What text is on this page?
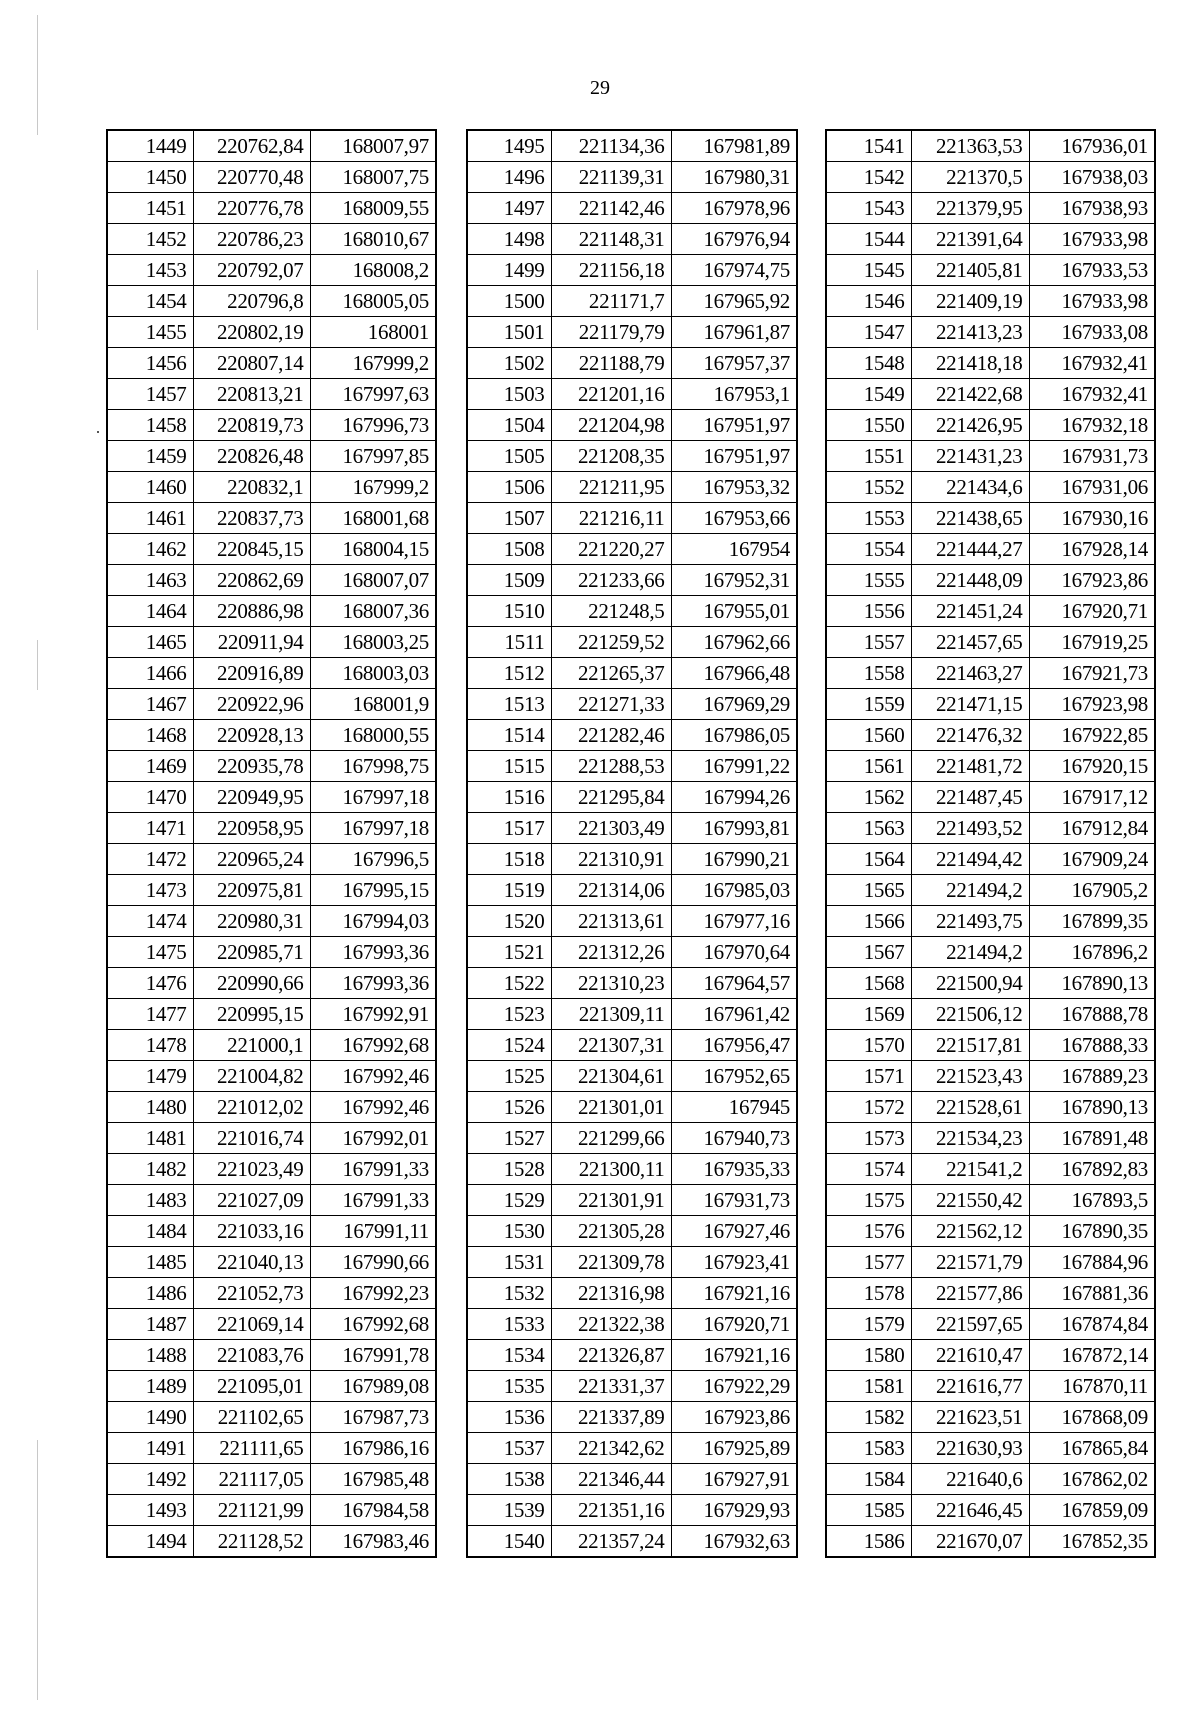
29
1449	220762,84	168007,97
1450	220770,48	168007,75
1451	220776,78	168009,55
1452	220786,23	168010,67
1453	220792,07	168008,2
1454	220796,8	168005,05
1455	220802,19	168001
1456	220807,14	167999,2
1457	220813,21	167997,63
1458	220819,73	167996,73
1459	220826,48	167997,85
1460	220832,1	167999,2
1461	220837,73	168001,68
1462	220845,15	168004,15
1463	220862,69	168007,07
1464	220886,98	168007,36
1465	220911,94	168003,25
1466	220916,89	168003,03
1467	220922,96	168001,9
1468	220928,13	168000,55
1469	220935,78	167998,75
1470	220949,95	167997,18
1471	220958,95	167997,18
1472	220965,24	167996,5
1473	220975,81	167995,15
1474	220980,31	167994,03
1475	220985,71	167993,36
1476	220990,66	167993,36
1477	220995,15	167992,91
1478	221000,1	167992,68
1479	221004,82	167992,46
1480	221012,02	167992,46
1481	221016,74	167992,01
1482	221023,49	167991,33
1483	221027,09	167991,33
1484	221033,16	167991,11
1485	221040,13	167990,66
1486	221052,73	167992,23
1487	221069,14	167992,68
1488	221083,76	167991,78
1489	221095,01	167989,08
1490	221102,65	167987,73
1491	221111,65	167986,16
1492	221117,05	167985,48
1493	221121,99	167984,58
1494	221128,52	167983,46
1495	221134,36	167981,89
1496	221139,31	167980,31
1497	221142,46	167978,96
1498	221148,31	167976,94
1499	221156,18	167974,75
1500	221171,7	167965,92
1501	221179,79	167961,87
1502	221188,79	167957,37
1503	221201,16	167953,1
1504	221204,98	167951,97
1505	221208,35	167951,97
1506	221211,95	167953,32
1507	221216,11	167953,66
1508	221220,27	167954
1509	221233,66	167952,31
1510	221248,5	167955,01
1511	221259,52	167962,66
1512	221265,37	167966,48
1513	221271,33	167969,29
1514	221282,46	167986,05
1515	221288,53	167991,22
1516	221295,84	167994,26
1517	221303,49	167993,81
1518	221310,91	167990,21
1519	221314,06	167985,03
1520	221313,61	167977,16
1521	221312,26	167970,64
1522	221310,23	167964,57
1523	221309,11	167961,42
1524	221307,31	167956,47
1525	221304,61	167952,65
1526	221301,01	167945
1527	221299,66	167940,73
1528	221300,11	167935,33
1529	221301,91	167931,73
1530	221305,28	167927,46
1531	221309,78	167923,41
1532	221316,98	167921,16
1533	221322,38	167920,71
1534	221326,87	167921,16
1535	221331,37	167922,29
1536	221337,89	167923,86
1537	221342,62	167925,89
1538	221346,44	167927,91
1539	221351,16	167929,93
1540	221357,24	167932,63
1541	221363,53	167936,01
1542	221370,5	167938,03
1543	221379,95	167938,93
1544	221391,64	167933,98
1545	221405,81	167933,53
1546	221409,19	167933,98
1547	221413,23	167933,08
1548	221418,18	167932,41
1549	221422,68	167932,41
1550	221426,95	167932,18
1551	221431,23	167931,73
1552	221434,6	167931,06
1553	221438,65	167930,16
1554	221444,27	167928,14
1555	221448,09	167923,86
1556	221451,24	167920,71
1557	221457,65	167919,25
1558	221463,27	167921,73
1559	221471,15	167923,98
1560	221476,32	167922,85
1561	221481,72	167920,15
1562	221487,45	167917,12
1563	221493,52	167912,84
1564	221494,42	167909,24
1565	221494,2	167905,2
1566	221493,75	167899,35
1567	221494,2	167896,2
1568	221500,94	167890,13
1569	221506,12	167888,78
1570	221517,81	167888,33
1571	221523,43	167889,23
1572	221528,61	167890,13
1573	221534,23	167891,48
1574	221541,2	167892,83
1575	221550,42	167893,5
1576	221562,12	167890,35
1577	221571,79	167884,96
1578	221577,86	167881,36
1579	221597,65	167874,84
1580	221610,47	167872,14
1581	221616,77	167870,11
1582	221623,51	167868,09
1583	221630,93	167865,84
1584	221640,6	167862,02
1585	221646,45	167859,09
1586	221670,07	167852,35
